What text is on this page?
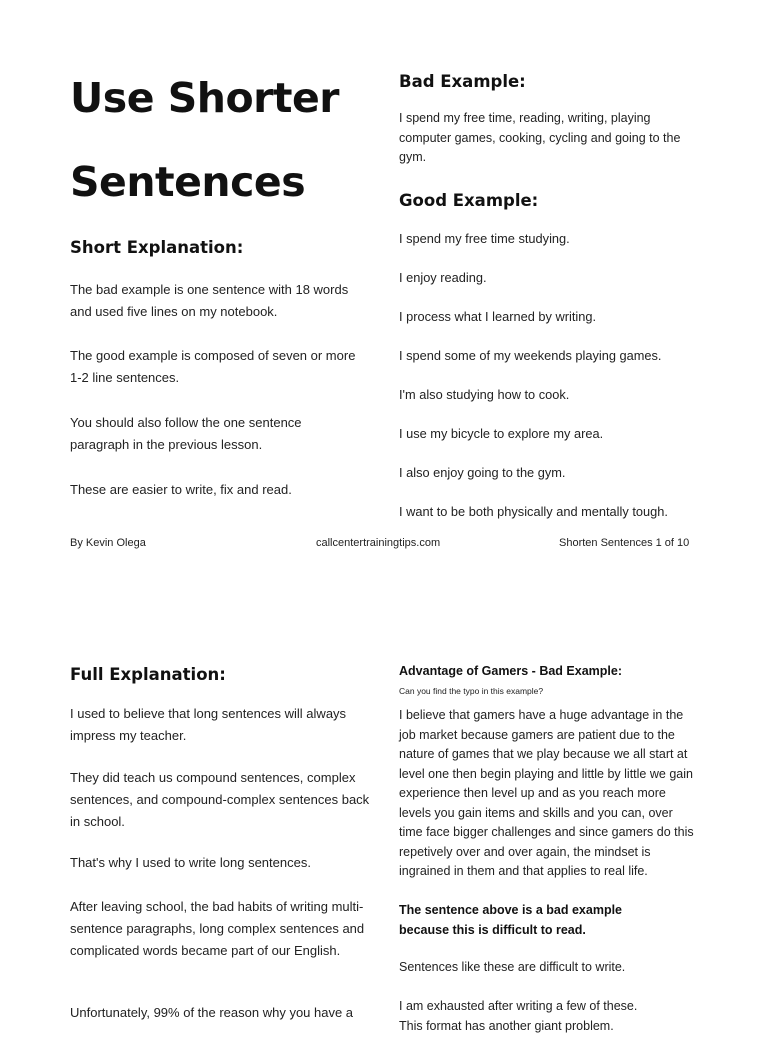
Use Shorter
Sentences
Short Explanation:

The bad example is one sentence with 18 words and used five lines on my notebook.

The good example is composed of seven or more 1-2 line sentences.

You should also follow the one sentence paragraph in the previous lesson.

These are easier to write, fix and read.

Bad Example:

I spend my free time, reading, writing, playing computer games, cooking, cycling and going to the gym.

Good Example:

I spend my free time studying.

I enjoy reading.

I process what I learned by writing.

I spend some of my weekends playing games.

I'm also studying how to cook.

I use my bicycle to explore my area.

I also enjoy going to the gym.

I want to be both physically and mentally tough.

By Kevin Olega	callcentertrainingtips.com	Shorten Sentences 1 of 10
Full Explanation:

I used to believe that long sentences will always impress my teacher.

They did teach us compound sentences, complex sentences, and compound-complex sentences back in school.

That's why I used to write long sentences.

After leaving school, the bad habits of writing multi-sentence paragraphs, long complex sentences and complicated words became part of our English.

Unfortunately, 99% of the reason why you have a

Advantage of Gamers - Bad Example:

Can you find the typo in this example?

I believe that gamers have a huge advantage in the job market because gamers are patient due to the nature of games that we play because we all start at level one then begin playing and little by little we gain experience then level up and as you reach more levels you gain items and skills and you can, over time face bigger challenges and since gamers do this repetively over and over again, the mindset is ingrained in them and that applies to real life.

The sentence above is a bad example because this is difficult to read.

Sentences like these are difficult to write.

I am exhausted after writing a few of these.

This format has another giant problem.
